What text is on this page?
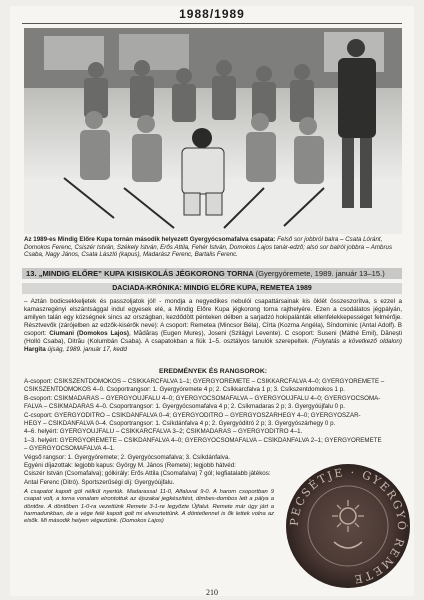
1988/1989
Az 1989-es Mindig Előre Kupa tornán második helyezett Gyergyócsomafalva csapata: Felső sor jobbról balra – Csata Lóránt, Domokos Ferenc, Csiszér István, Székely István, Erős Attila, Fehér István, Domokos Lajos tanár-edző; alsó sor balról jobbra – Ambrus Csaba, Nagy János, Csata László (kapus), Madarász Ferenc, Bartalis Ferenc.
13. „MINDIG ELŐRE” KUPA KISISKOLÁS JÉGKORONG TORNA (Gyergyóremete, 1989. január 13–15.)
DACIADA-KRÓNIKA: MINDIG ELŐRE KUPA, REMETEA 1989
– Aztán bodicsekkeljetek és passzoljatok jól! - mondja a negyedikes nebulói csapattársainak kis öklét összeszorítva, s ezzel a kamaszregényi elszántsággal indul egyesek elé, a Mindig Előre Kupa jégkorong torna rajthelyére. Ezen a csodálatos jégpályán, amilyen talán egy községnek sincs az országban, kezdődött pénteken délben a sarjadzó hokipalánták ellenfelekkepességet felmérője. Résztvevők (zárójelben az edzők-kisérők neve): A csoport: Remetea (Mincsor Béla), Cîrta (Kozma Angéla), Sîndominic (Antal Adolf). B csoport: Ciumani (Domokos Lajos), Mădăraș (Eugen Mureș), Joseni (Szilágyi Levente). C csoport: Suseni (Máthé Emil), Dănești (Holló Csaba), Ditrău (Kolumbán Csaba). A csapatokban a fiúk 1–5. osztályos tanulók szerepeltek. (Folytatás a következő oldalon) Hargita újság, 1989. január 17, kedd
EREDMÉNYEK ÉS RANGSOROK:
A-csoport: CSÍKSZENTDOMOKOS – CSÍKKARCFALVA 1–1; GYERGYÓREMETE – CSÍKKARCFALVA 4–0; GYERGYÓREMETE –
CSÍKSZENTDOMOKOS 4–0. Csoportrangsor: 1. Gyergyóremete 4 p; 2. Csíkkarcfalva 1 p; 3. Csíkszentdomokos 1 p.
B-csoport: CSÍKMADARAS – GYERGYÓÚJFALU 4–0; GYERGYÓCSOMAFALVA – GYERGYÓÚJFALU 4–0; GYERGYÓCSOMA-
FALVA – CSÍKMADARAS 4–0. Csoportrangsor: 1. Gyergyócsomafalva 4 p; 2. Csíkmadaras 2 p; 3. Gyergyóújfalu 0 p.
C-csoport: GYERGYÓDITRÓ – CSÍKDÁNFALVA 0–4; GYERGYÓDITRÓ – GYERGYÓSZÁRHEGY 4–0; GYERGYÓSZÁR-
HEGY – CSÍKDÁNFALVA 0–4. Csoportrangsor: 1. Csíkdánfalva 4 p; 2. Gyergyóditró 2 p; 3. Gyergyószárhegy 0 p.
4–6. helyért: GYERGYÓÚJFALU – CSÍKKARCFALVA 3–2; CSÍKMADARAS – GYERGYÓDITRÓ 4–1.
1–3. helyért: GYERGYÓREMETE – CSÍKDÁNFALVA 4–0; GYERGYÓCSOMAFALVA – CSÍKDÁNFALVA 2–1; GYERGYÓREMETE
– GYERGYÓCSOMAFALVA 4–1.
Végső rangsor: 1. Gyergyóremete; 2. Gyergyócsomafalva; 3. Csíkdánfalva.
Egyéni díjazottak: legjobb kapus: György M. János (Remete); legjobb hátvéd:
Csiszér István (Csomafalva); gólkirály: Erős Attila (Csomafalva) 7 gól; legfiatalabb játékos:
Antal Ferenc (Ditró). Sportszerűségi díj: Gyergyóújfalu.
A csapatot kapott gól nélkül nyertük. Madarassal 11-0, Alfaluval 9-0. A harom csoportban 9 csapat volt, a torna vonalam elrontottuk az éjszakai jegkészítést, dimbes-dombos lett a pálya a döntőre. A döntőben 1-0-ra vezettünk Remete 3-1-re legyőzte Újfalut. Remete már úgy járt a harmadunkban, de a vége felé kapott golt mi elvesztettünk. A döntetlennel is ők lettek volna az elsők. Mi második helyen végeztünk. (Domokos Lajos)	PECSÉTJE · GYERGYÓ REMETE
210
